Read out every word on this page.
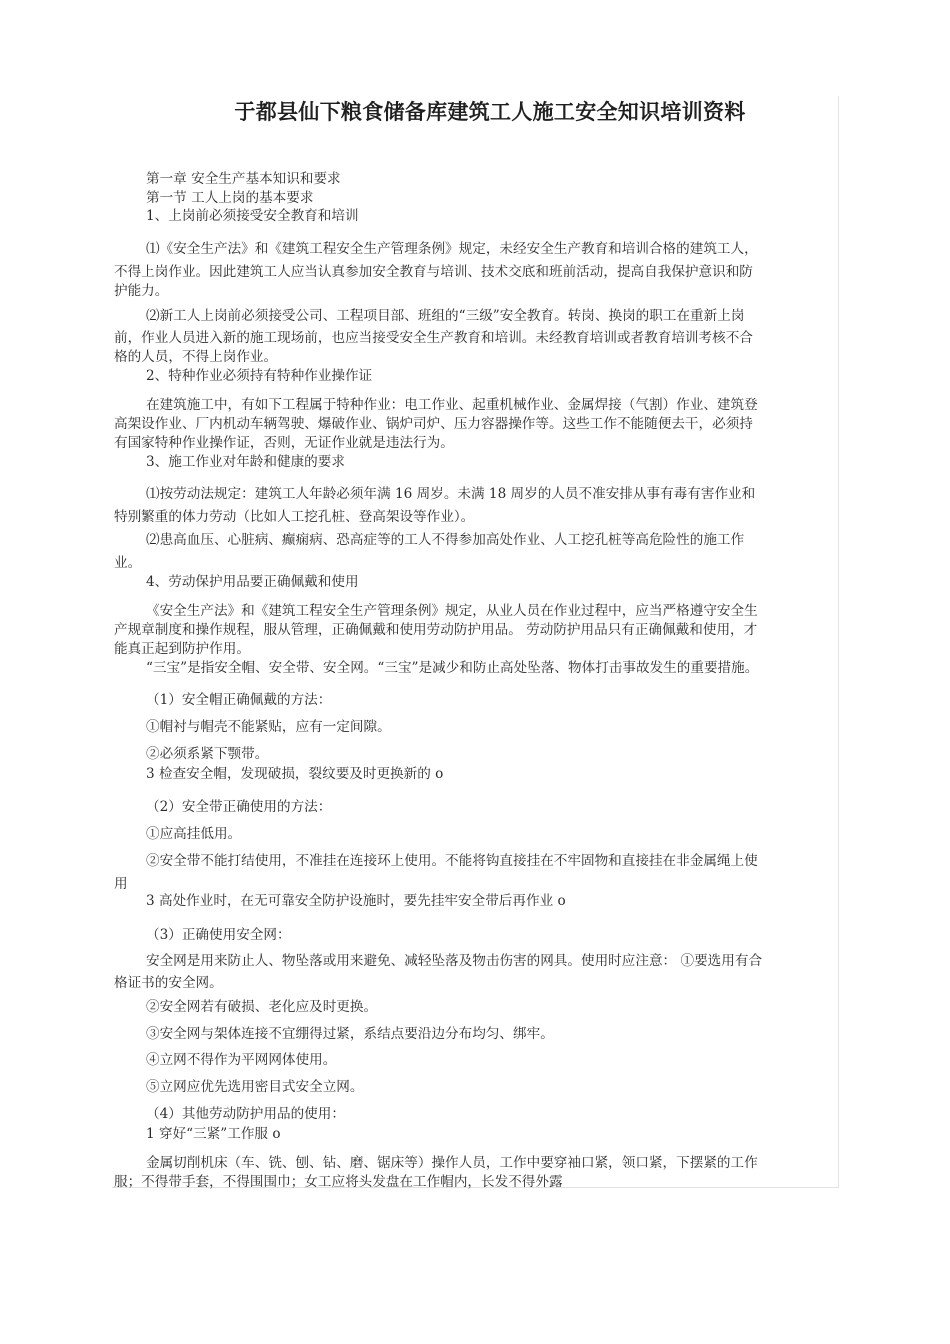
于都县仙下粮食储备库建筑工人施工安全知识培训资料
第一章 安全生产基本知识和要求
第一节 工人上岗的基本要求
1、上岗前必须接受安全教育和培训
⑴《安全生产法》和《建筑工程安全生产管理条例》规定，未经安全生产教育和培训合格的建筑工人，
不得上岗作业。因此建筑工人应当认真参加安全教育与培训、技术交底和班前活动，提高自我保护意识和防
护能力。
⑵新工人上岗前必须接受公司、工程项目部、班组的“三级”安全教育。转岗、换岗的职工在重新上岗
前，作业人员进入新的施工现场前，也应当接受安全生产教育和培训。未经教育培训或者教育培训考核不合
格的人员，不得上岗作业。
2、特种作业必须持有特种作业操作证
在建筑施工中，有如下工程属于特种作业：电工作业、起重机械作业、金属焊接（气割）作业、建筑登
高架设作业、厂内机动车辆驾驶、爆破作业、锅炉司炉、压力容器操作等。这些工作不能随便去干，必须持
有国家特种作业操作证，否则，无证作业就是违法行为。
3、施工作业对年龄和健康的要求
⑴按劳动法规定：建筑工人年龄必须年满 16 周岁。未满 18 周岁的人员不准安排从事有毒有害作业和
特别繁重的体力劳动（比如人工挖孔桩、登高架设等作业）。
⑵患高血压、心脏病、癫痫病、恐高症等的工人不得参加高处作业、人工挖孔桩等高危险性的施工作
业。
4、劳动保护用品要正确佩戴和使用
《安全生产法》和《建筑工程安全生产管理条例》规定，从业人员在作业过程中，应当严格遵守安全生
产规章制度和操作规程，服从管理，正确佩戴和使用劳动防护用品。 劳动防护用品只有正确佩戴和使用，才
能真正起到防护作用。
“三宝”是指安全帽、安全带、安全网。“三宝”是减少和防止高处坠落、物体打击事故发生的重要措施。
（1）安全帽正确佩戴的方法：
①帽衬与帽壳不能紧贴，应有一定间隙。
②必须系紧下颚带。
3 检查安全帽，发现破损，裂纹要及时更换新的 o
（2）安全带正确使用的方法：
①应高挂低用。
②安全带不能打结使用，不准挂在连接环上使用。不能将钩直接挂在不牢固物和直接挂在非金属绳上使
用
3 高处作业时，在无可靠安全防护设施时，要先挂牢安全带后再作业 o
（3）正确使用安全网：
安全网是用来防止人、物坠落或用来避免、减轻坠落及物击伤害的网具。使用时应注意： ①要选用有合
格证书的安全网。
②安全网若有破损、老化应及时更换。
③安全网与架体连接不宜绷得过紧，系结点要沿边分布均匀、绑牢。
④立网不得作为平网网体使用。
⑤立网应优先选用密目式安全立网。
（4）其他劳动防护用品的使用：
1 穿好“三紧”工作服 o
金属切削机床（车、铣、刨、钻、磨、锯床等）操作人员，工作中要穿袖口紧，领口紧，下摆紧的工作
服；不得带手套，不得围围巾；女工应将头发盘在工作帽内，长发不得外露
